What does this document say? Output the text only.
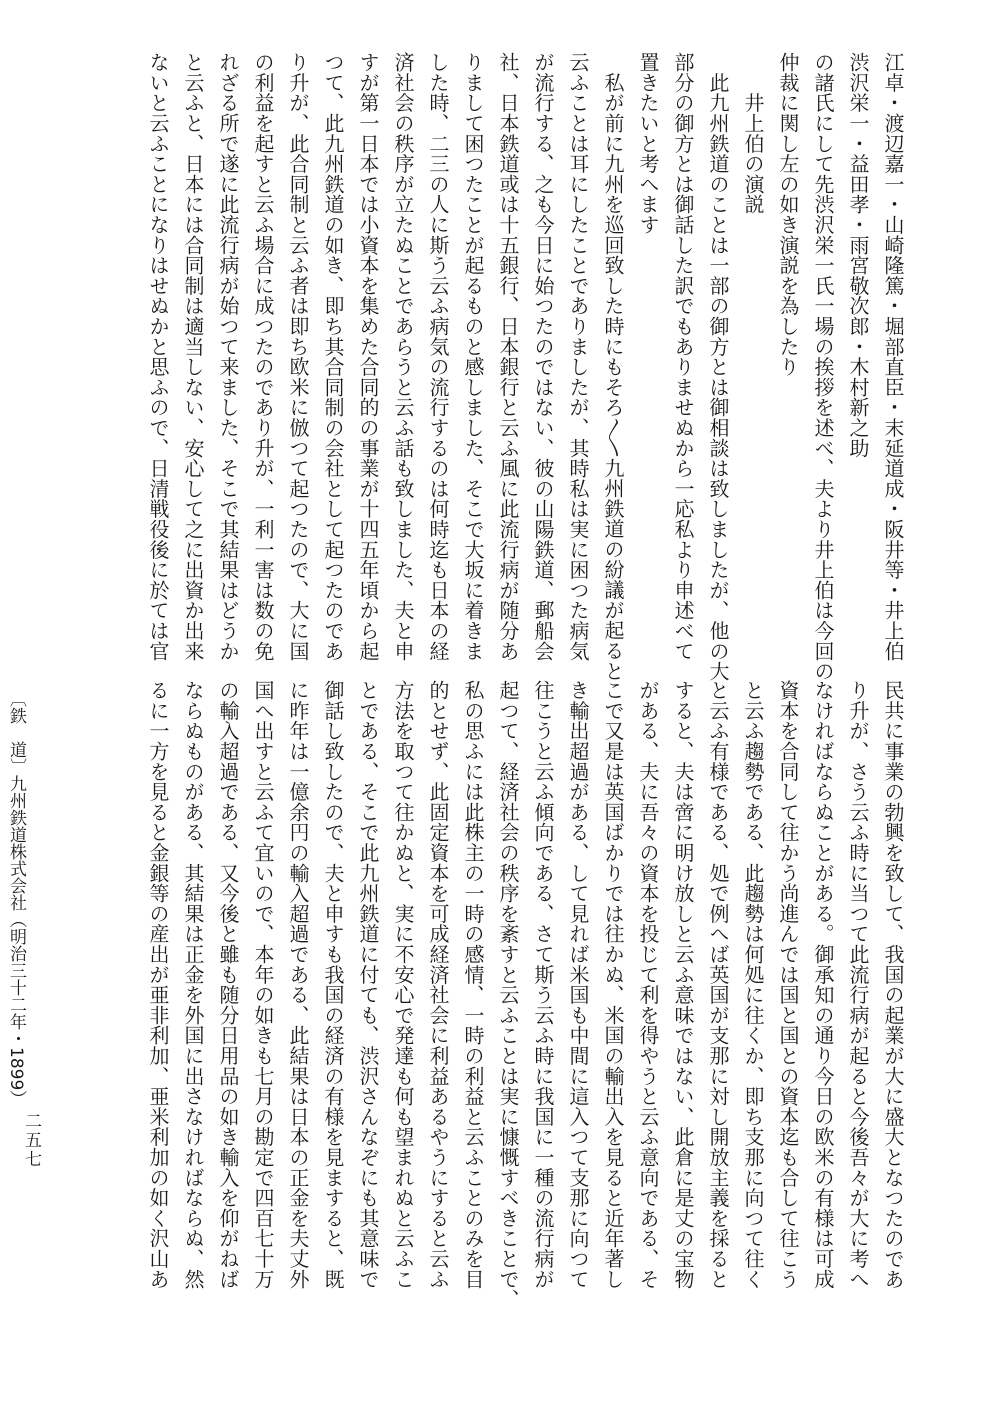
江卓・渡辺嘉一・山崎隆篤・堀部直臣・末延道成・阪井等・井上伯

渋沢栄一・益田孝・雨宮敬次郎・木村新之助

の諸氏にして先渋沢栄一氏一場の挨拶を述べ、夫より井上伯は今回の

仲裁に関し左の如き演説を為したり

　　井上伯の演説

　此九州鉄道のことは一部の御方とは御相談は致しましたが、他の大

部分の御方とは御話した訳でもありませぬから一応私より申述べて

置きたいと考へます

　私が前に九州を巡回致した時にもそろ〳〵九州鉄道の紛議が起ると

云ふことは耳にしたことでありましたが、其時私は実に困つた病気

が流行する、之も今日に始つたのではない、彼の山陽鉄道、郵船会

社、日本鉄道或は十五銀行、日本銀行と云ふ風に此流行病が随分あ

りまして困つたことが起るものと感しました、そこで大坂に着きま

した時、二三の人に斯う云ふ病気の流行するのは何時迄も日本の経

済社会の秩序が立たぬことであらうと云ふ話も致しました、夫と申

すが第一日本では小資本を集めた合同的の事業が十四五年頃から起

つて、此九州鉄道の如き、即ち其合同制の会社として起つたのであ

り升が、此合同制と云ふ者は即ち欧米に倣つて起つたので、大に国

の利益を起すと云ふ場合に成つたのであり升が、一利一害は数の免

れざる所で遂に此流行病が始つて来ました、そこで其結果はどうか

と云ふと、日本には合同制は適当しない、安心して之に出資か出来

ないと云ふことになりはせぬかと思ふので、日清戦役後に於ては官

民共に事業の勃興を致して、我国の起業が大に盛大となつたのであ

り升が、さう云ふ時に当つて此流行病が起ると今後吾々が大に考へ

なければならぬことがある。御承知の通り今日の欧米の有様は可成

資本を合同して往かう尚進んでは国と国との資本迄も合して往こう

と云ふ趨勢である、此趨勢は何処に往くか、即ち支那に向つて往く

と云ふ有様である、処で例へば英国が支那に対し開放主義を採ると

すると、夫は啻に明け放しと云ふ意味ではない、此倉に是丈の宝物

がある、夫に吾々の資本を投じて利を得やうと云ふ意向である、そ

こで又是は英国ばかりでは往かぬ、米国の輸出入を見ると近年著し

き輸出超過がある、して見れば米国も中間に這入つて支那に向つて

往こうと云ふ傾向である、さて斯う云ふ時に我国に一種の流行病が

起つて、経済社会の秩序を紊すと云ふことは実に慷慨すべきことで、

私の思ふには此株主の一時の感情、一時の利益と云ふことのみを目

的とせず、此固定資本を可成経済社会に利益あるやうにすると云ふ

方法を取つて往かぬと、実に不安心で発達も何も望まれぬと云ふこ

とである、そこで此九州鉄道に付ても、渋沢さんなぞにも其意味で

御話し致したので、夫と申すも我国の経済の有様を見ますると、既

に昨年は一億余円の輸入超過である、此結果は日本の正金を夫丈外

国へ出すと云ふて宜いので、本年の如きも七月の勘定で四百七十万

の輸入超過である、又今後と雖も随分日用品の如き輸入を仰がねば

ならぬものがある、其結果は正金を外国に出さなければならぬ、然

るに一方を見ると金銀等の産出が亜非利加、亜米利加の如く沢山あ

〔鉄　道〕九州鉄道株式会社（明治三十二年・1899）
二五七
